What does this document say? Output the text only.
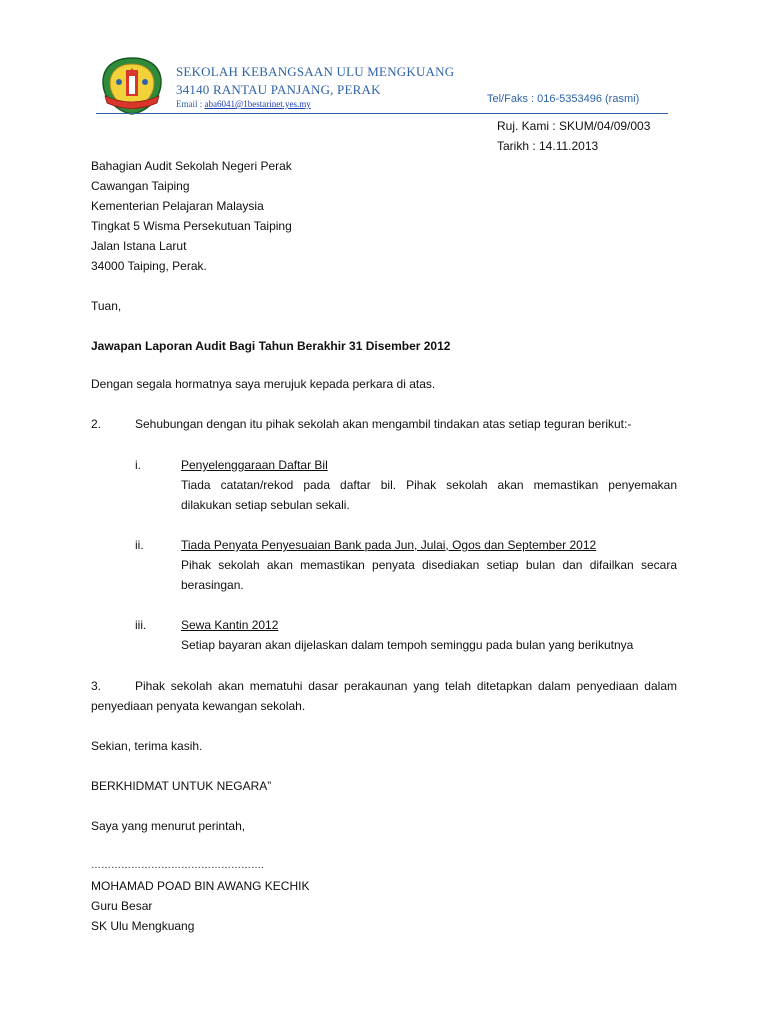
SEKOLAH KEBANGSAAN ULU MENGKUANG
34140 RANTAU PANJANG, PERAK
Email : aba6041@1bestarinet.yes.my	Tel/Faks : 016-5353496 (rasmi)
Ruj. Kami : SKUM/04/09/003
Tarikh : 14.11.2013
Bahagian Audit Sekolah Negeri Perak
Cawangan Taiping
Kementerian Pelajaran Malaysia
Tingkat 5 Wisma Persekutuan Taiping
Jalan Istana Larut
34000 Taiping, Perak.
Tuan,
Jawapan Laporan Audit Bagi Tahun Berakhir 31 Disember 2012
Dengan segala hormatnya saya merujuk kepada perkara di atas.
2.	Sehubungan dengan itu pihak sekolah akan mengambil tindakan atas setiap teguran berikut:-
i.	Penyelenggaraan Daftar Bil
Tiada catatan/rekod pada daftar bil. Pihak sekolah akan memastikan penyemakan
dilakukan setiap sebulan sekali.
ii.	Tiada Penyata Penyesuaian Bank pada Jun, Julai, Ogos dan September 2012
Pihak sekolah akan memastikan penyata disediakan setiap bulan dan difailkan secara
berasingan.
iii.	Sewa Kantin 2012
Setiap bayaran akan dijelaskan dalam tempoh seminggu pada bulan yang berikutnya
3.	Pihak sekolah akan mematuhi dasar perakaunan yang telah ditetapkan dalam penyediaan dalam
penyediaan penyata kewangan sekolah.
Sekian, terima kasih.
BERKHIDMAT UNTUK NEGARA”
Saya yang menurut perintah,
…………………………………………….
MOHAMAD POAD BIN AWANG KECHIK
Guru Besar
SK Ulu Mengkuang
